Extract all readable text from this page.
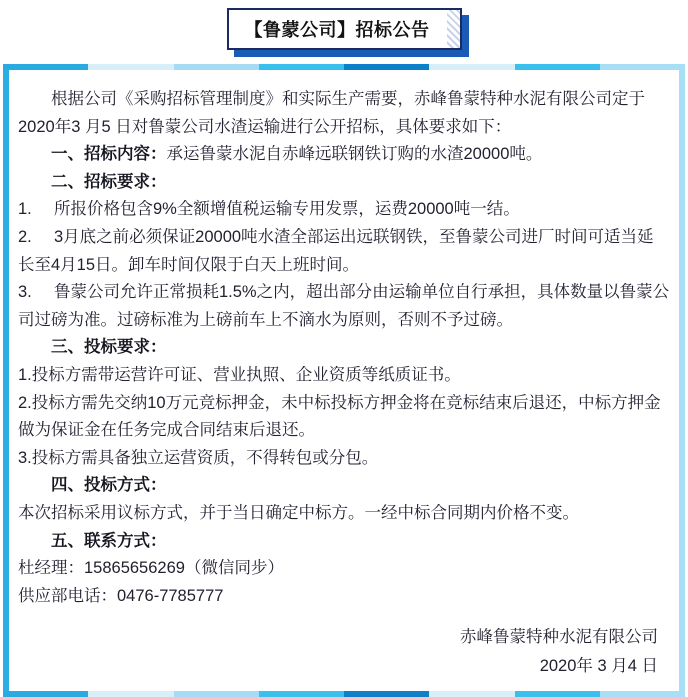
【鲁蒙公司】招标公告

根据公司《采购招标管理制度》和实际生产需要，赤峰鲁蒙特种水泥有限公司定于2020年3 月5 日对鲁蒙公司水渣运输进行公开招标，具体要求如下：

一、招标内容：承运鲁蒙水泥自赤峰远联钢铁订购的水渣20000吨。

二、招标要求：

1. 所报价格包含9%全额增值税运输专用发票，运费20000吨一结。

2. 3月底之前必须保证20000吨水渣全部运出远联钢铁，至鲁蒙公司进厂时间可适当延长至4月15日。卸车时间仅限于白天上班时间。

3. 鲁蒙公司允许正常损耗1.5%之内，超出部分由运输单位自行承担，具体数量以鲁蒙公司过磅为准。过磅标准为上磅前车上不滴水为原则，否则不予过磅。

三、投标要求：

1.投标方需带运营许可证、营业执照、企业资质等纸质证书。

2.投标方需先交纳10万元竞标押金，未中标投标方押金将在竞标结束后退还，中标方押金做为保证金在任务完成合同结束后退还。

3.投标方需具备独立运营资质，不得转包或分包。

四、投标方式：

本次招标采用议标方式，并于当日确定中标方。一经中标合同期内价格不变。

五、联系方式：

杜经理：15865656269（微信同步）

供应部电话：0476-7785777

赤峰鲁蒙特种水泥有限公司

2020年 3 月4 日
